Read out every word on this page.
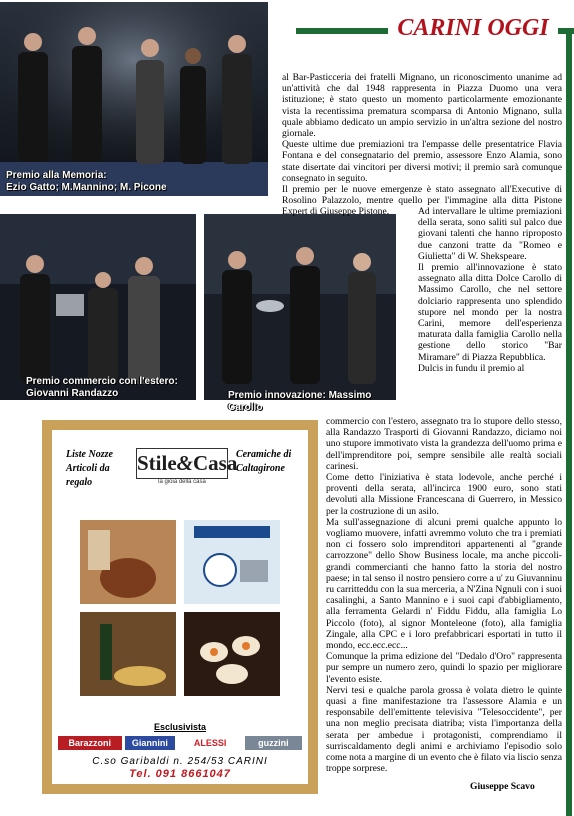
CARINI OGGI
Premio alla Memoria:
Ezio Gatto; M.Mannino; M. Picone
Premio commercio con l'estero:
Giovanni Randazzo	Premio innovazione: Massimo Carollo

al Bar-Pasticceria dei fratelli Mignano, un riconoscimento unanime ad un'attività che dal 1948 rappresenta in Piazza Duomo una vera istituzione; è stato questo un momento particolarmente emozionante vista la recentissima prematura scomparsa di Antonio Mignano, sulla quale abbiamo dedicato un ampio servizio in un'altra sezione del nostro giornale.

Queste ultime due premiazioni tra l'empasse delle presentatrice Flavia Fontana e del consegnatario del premio, assessore Enzo Alamia, sono state disertate dai vincitori per diversi motivi; il premio sarà comunque consegnato in seguito.

Il premio per le nuove emergenze è stato assegnato all'Executive di Rosolino Palazzolo, mentre quello per l'immagine alla ditta Pistone Expert di Giuseppe Pistone.	Ad intervallare le ultime premiazioni della serata, sono saliti sul palco due giovani talenti che hanno riproposto due canzoni tratte da "Romeo e Giulietta" di W. Shekspeare.

Il premio all'innovazione è stato assegnato alla ditta Dolce Carollo di Massimo Carollo, che nel settore dolciario rappresenta uno splendido stupore nel mondo per la nostra Carini, memore dell'esperienza maturata dalla famiglia Carollo nella gestione dello storico "Bar Miramare" di Piazza Repubblica.

Dulcis in fundu il premio al

commercio con l'estero, assegnato tra lo stupore dello stesso, alla Randazzo Trasporti di Giovanni Randazzo, diciamo noi uno stupore immotivato vista la grandezza dell'uomo prima e dell'imprenditore poi, sempre sensibile alle realtà sociali carinesi.

Come detto l'iniziativa è stata lodevole, anche perché i proventi della serata, all'incirca 1900 euro, sono stati devoluti alla Missione Francescana di Guerrero, in Messico per la costruzione di un asilo.

Ma sull'assegnazione di alcuni premi qualche appunto lo vogliamo muovere, infatti avremmo voluto che tra i premiati non ci fossero solo imprenditori appartenenti al "grande carrozzone" dello Show Business locale, ma anche piccoli-grandi commercianti che hanno fatto la storia del nostro paese; in tal senso il nostro pensiero corre a u' zu Giuvanninu ru carritteddu con la sua merceria, a N'Zina Ngnuli con i suoi casalinghi, a Santo Mannino e i suoi capi d'abbigliamento, alla ferramenta Gelardi n' Fiddu Fiddu, alla famiglia Lo Piccolo (foto), al signor Monteleone (foto), alla famiglia Zingale, alla CPC e i loro prefabbricari esportati in tutto il mondo, ecc.ecc.ecc...

Comunque la prima edizione del "Dedalo d'Oro" rappresenta pur sempre un numero zero, quindi lo spazio per migliorare l'evento esiste.

Nervi tesi e qualche parola grossa è volata dietro le quinte quasi a fine manifestazione tra l'assessore Alamia e un responsabile dell'emittente televisiva "Telesoccidente", per una non meglio precisata diatriba; vista l'importanza della serata per ambedue i protagonisti, comprendiamo il surriscaldamento degli animi e archiviamo l'episodio solo come nota a margine di un evento che è filato via liscio senza troppe sorprese.

Giuseppe Scavo
Liste Nozze
Articoli da regalo
Stile&Casa
la gioia della casa
Ceramiche di
Caltagirone
Esclusivista
Barazzoni	Giannini	ALESSI	guzzini
C.so Garibaldi n. 254/53 CARINI
Tel. 091 8661047
